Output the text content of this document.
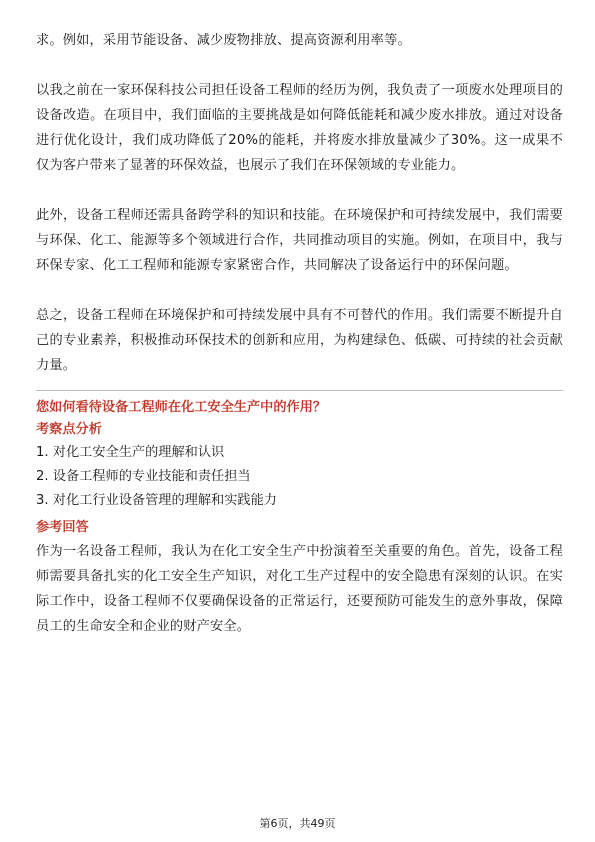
求。例如，采用节能设备、减少废物排放、提高资源利用率等。

以我之前在一家环保科技公司担任设备工程师的经历为例，我负责了一项废水处理项目的设备改造。在项目中，我们面临的主要挑战是如何降低能耗和减少废水排放。通过对设备进行优化设计，我们成功降低了20%的能耗，并将废水排放量减少了30%。这一成果不仅为客户带来了显著的环保效益，也展示了我们在环保领域的专业能力。

此外，设备工程师还需具备跨学科的知识和技能。在环境保护和可持续发展中，我们需要与环保、化工、能源等多个领域进行合作，共同推动项目的实施。例如，在项目中，我与环保专家、化工工程师和能源专家紧密合作，共同解决了设备运行中的环保问题。

总之，设备工程师在环境保护和可持续发展中具有不可替代的作用。我们需要不断提升自己的专业素养，积极推动环保技术的创新和应用，为构建绿色、低碳、可持续的社会贡献力量。

您如何看待设备工程师在化工安全生产中的作用？

考察点分析

1. 对化工安全生产的理解和认识

2. 设备工程师的专业技能和责任担当

3. 对化工行业设备管理的理解和实践能力

参考回答

作为一名设备工程师，我认为在化工安全生产中扮演着至关重要的角色。首先，设备工程师需要具备扎实的化工安全生产知识，对化工生产过程中的安全隐患有深刻的认识。在实际工作中，设备工程师不仅要确保设备的正常运行，还要预防可能发生的意外事故，保障员工的生命安全和企业的财产安全。

第6页，共49页
